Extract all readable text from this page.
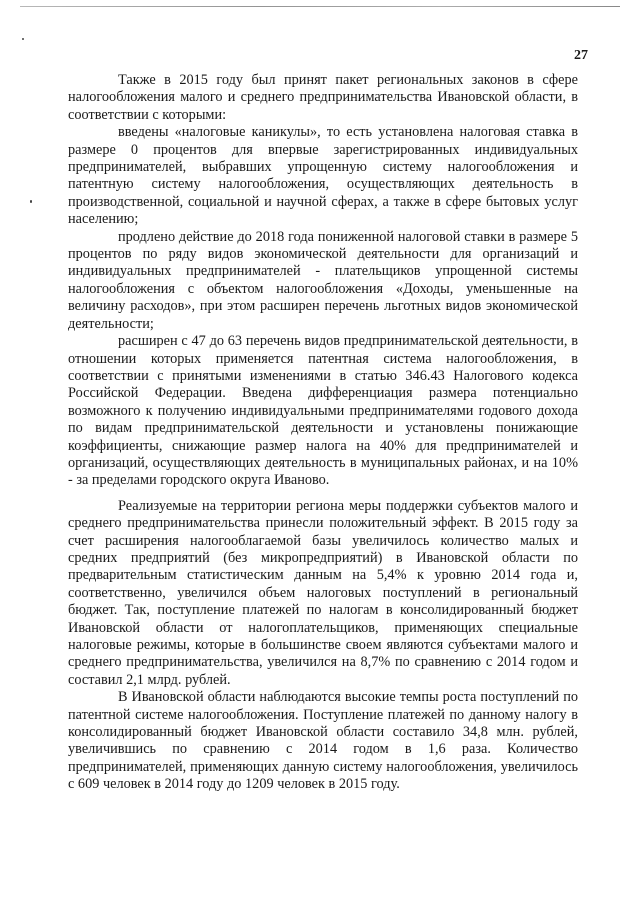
27

Также в 2015 году был принят пакет региональных законов в сфере налогообложения малого и среднего предпринимательства Ивановской области, в соответствии с которыми:

введены «налоговые каникулы», то есть установлена налоговая ставка в размере 0 процентов для впервые зарегистрированных индивидуальных предпринимателей, выбравших упрощенную систему налогообложения и патентную систему налогообложения, осуществляющих деятельность в производственной, социальной и научной сферах, а также в сфере бытовых услуг населению;

продлено действие до 2018 года пониженной налоговой ставки в размере 5 процентов по ряду видов экономической деятельности для организаций и индивидуальных предпринимателей - плательщиков упрощенной системы налогообложения с объектом налогообложения «Доходы, уменьшенные на величину расходов», при этом расширен перечень льготных видов экономической деятельности;

расширен с 47 до 63 перечень видов предпринимательской деятельности, в отношении которых применяется патентная система налогообложения, в соответствии с принятыми изменениями в статью 346.43 Налогового кодекса Российской Федерации. Введена дифференциация размера потенциально возможного к получению индивидуальными предпринимателями годового дохода по видам предпринимательской деятельности и установлены понижающие коэффициенты, снижающие размер налога на 40% для предпринимателей и организаций, осуществляющих деятельность в муниципальных районах, и на 10% - за пределами городского округа Иваново.

Реализуемые на территории региона меры поддержки субъектов малого и среднего предпринимательства принесли положительный эффект. В 2015 году за счет расширения налогооблагаемой базы увеличилось количество малых и средних предприятий (без микропредприятий) в Ивановской области по предварительным статистическим данным на 5,4% к уровню 2014 года и, соответственно, увеличился объем налоговых поступлений в региональный бюджет. Так, поступление платежей по налогам в консолидированный бюджет Ивановской области от налогоплательщиков, применяющих специальные налоговые режимы, которые в большинстве своем являются субъектами малого и среднего предпринимательства, увеличился на 8,7% по сравнению с 2014 годом и составил 2,1 млрд. рублей.

В Ивановской области наблюдаются высокие темпы роста поступлений по патентной системе налогообложения. Поступление платежей по данному налогу в консолидированный бюджет Ивановской области составило 34,8 млн. рублей, увеличившись по сравнению с 2014 годом в 1,6 раза. Количество предпринимателей, применяющих данную систему налогообложения, увеличилось с 609 человек в 2014 году до 1209 человек в 2015 году.
